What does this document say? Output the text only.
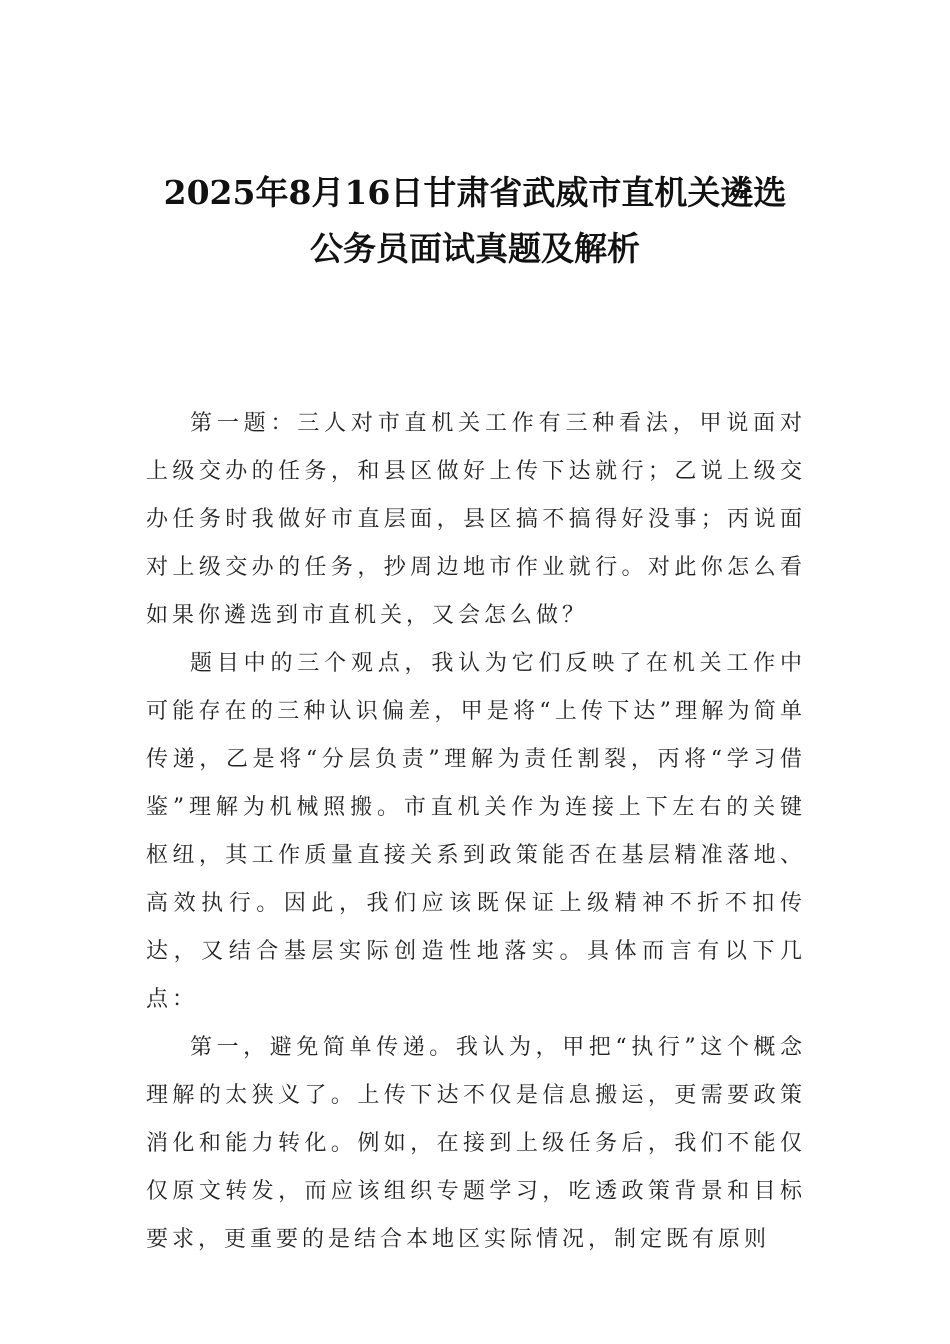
2025年8月16日甘肃省武威市直机关遴选
公务员面试真题及解析

第一题：三人对市直机关工作有三种看法，甲说面对上级交办的任务，和县区做好上传下达就行；乙说上级交办任务时我做好市直层面，县区搞不搞得好没事；丙说面对上级交办的任务，抄周边地市作业就行。对此你怎么看如果你遴选到市直机关，又会怎么做？

题目中的三个观点，我认为它们反映了在机关工作中可能存在的三种认识偏差，甲是将“上传下达”理解为简单传递，乙是将“分层负责”理解为责任割裂，丙将“学习借鉴”理解为机械照搬。市直机关作为连接上下左右的关键枢纽，其工作质量直接关系到政策能否在基层精准落地、高效执行。因此，我们应该既保证上级精神不折不扣传达，又结合基层实际创造性地落实。具体而言有以下几点：

第一，避免简单传递。我认为，甲把“执行”这个概念理解的太狭义了。上传下达不仅是信息搬运，更需要政策消化和能力转化。例如，在接到上级任务后，我们不能仅仅原文转发，而应该组织专题学习，吃透政策背景和目标要求，更重要的是结合本地区实际情况，制定既有原则
